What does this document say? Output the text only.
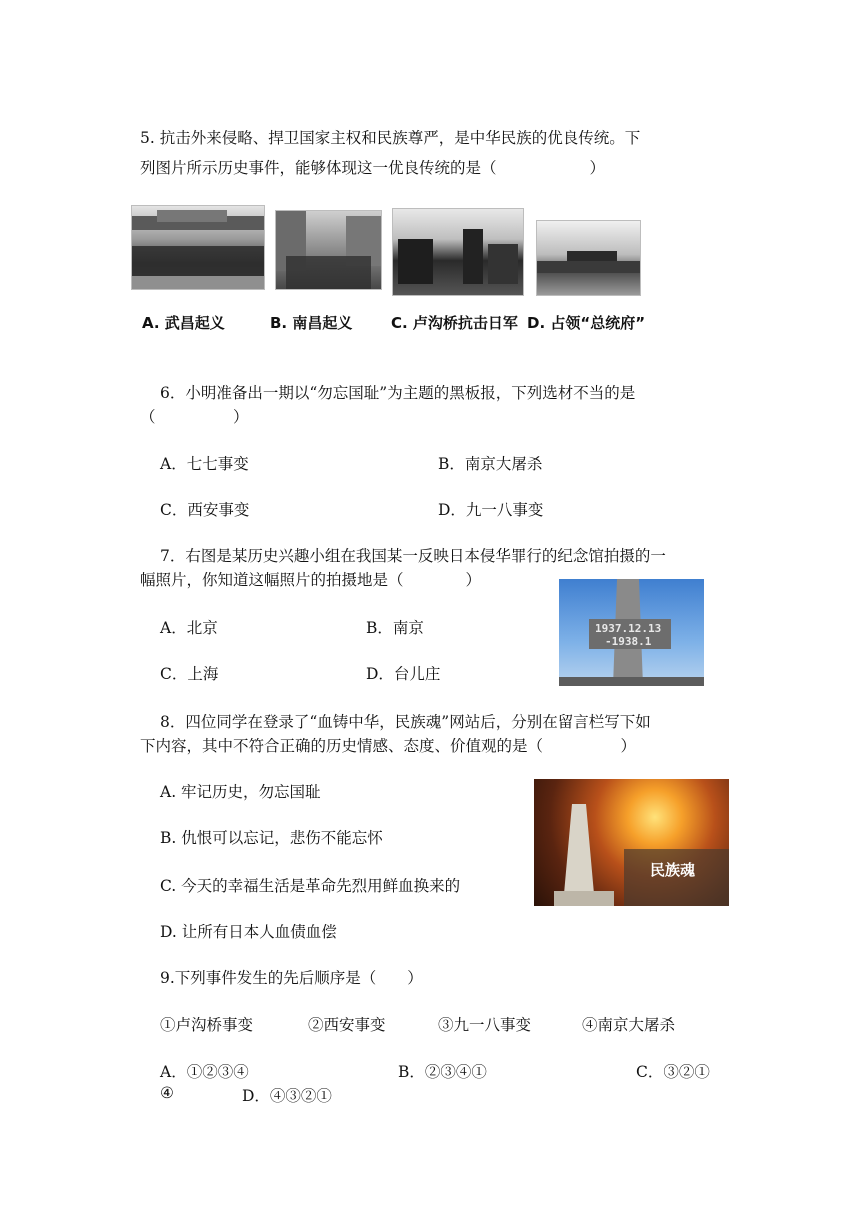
5. 抗击外来侵略、捍卫国家主权和民族尊严，是中华民族的优良传统。下
列图片所示历史事件，能够体现这一优良传统的是（　　　　　　）
A. 武昌起义	B. 南昌起义	C. 卢沟桥抗击日军 D. 占领“总统府”
6．小明准备出一期以“勿忘国耻”为主题的黑板报，下列选材不当的是
（　　　　　）
A．七七事变	B．南京大屠杀
C．西安事变	D．九一八事变
7．右图是某历史兴趣小组在我国某一反映日本侵华罪行的纪念馆拍摄的一
幅照片，你知道这幅照片的拍摄地是（　　　　）
A．北京	B．南京
C．上海	D．台儿庄
1937.12.13
-1938.1
8．四位同学在登录了“血铸中华，民族魂”网站后，分别在留言栏写下如
下内容，其中不符合正确的历史情感、态度、价值观的是（　　　　　）
A. 牢记历史，勿忘国耻
B. 仇恨可以忘记，悲伤不能忘怀
C. 今天的幸福生活是革命先烈用鲜血换来的
D. 让所有日本人血债血偿
民族魂
9.下列事件发生的先后顺序是（　　）
①卢沟桥事变	②西安事变	③九一八事变	④南京大屠杀
A．①②③④	B．②③④①	C．③②①
④	D．④③②①
